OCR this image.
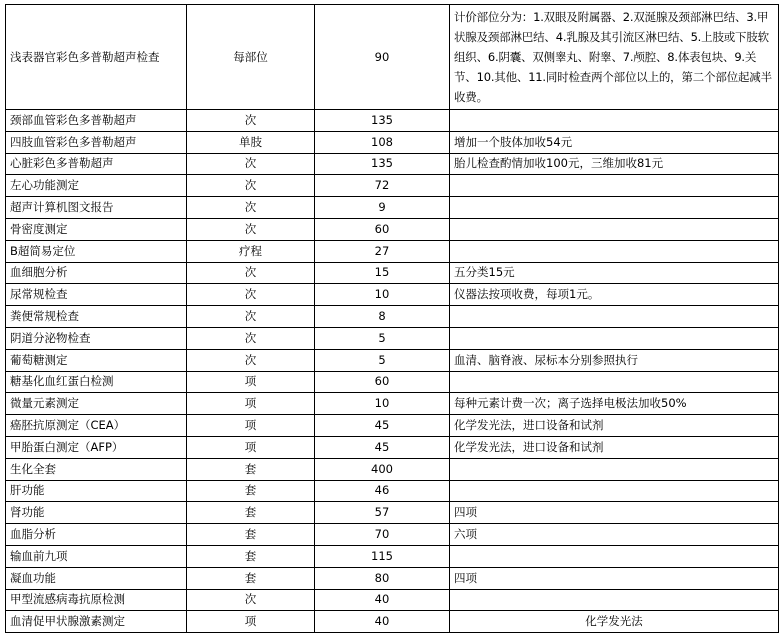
浅表器官彩色多普勒超声检查	每部位	90	计价部位分为：1.双眼及附属器、2.双涎腺及颈部淋巴结、3.甲状腺及颈部淋巴结、4.乳腺及其引流区淋巴结、5.上肢或下肢软组织、6.阴囊、双侧睾丸、附睾、7.颅腔、8.体表包块、9.关节、10.其他、11.同时检查两个部位以上的，第二个部位起减半收费。
颈部血管彩色多普勒超声	次	135	
四肢血管彩色多普勒超声	单肢	108	增加一个肢体加收54元
心脏彩色多普勒超声	次	135	胎儿检查酌情加收100元，三维加收81元
左心功能测定	次	72	
超声计算机图文报告	次	9	
骨密度测定	次	60	
B超简易定位	疗程	27	
血细胞分析	次	15	五分类15元
尿常规检查	次	10	仪器法按项收费，每项1元。
粪便常规检查	次	8	
阴道分泌物检查	次	5	
葡萄糖测定	次	5	血清、脑脊液、尿标本分别参照执行
糖基化血红蛋白检测	项	60	
微量元素测定	项	10	每种元素计费一次；离子选择电极法加收50%
癌胚抗原测定（CEA）	项	45	化学发光法，进口设备和试剂
甲胎蛋白测定（AFP）	项	45	化学发光法，进口设备和试剂
生化全套	套	400	
肝功能	套	46	
肾功能	套	57	四项
血脂分析	套	70	六项
输血前九项	套	115	
凝血功能	套	80	四项
甲型流感病毒抗原检测	次	40	
血清促甲状腺激素测定	项	40	化学发光法
